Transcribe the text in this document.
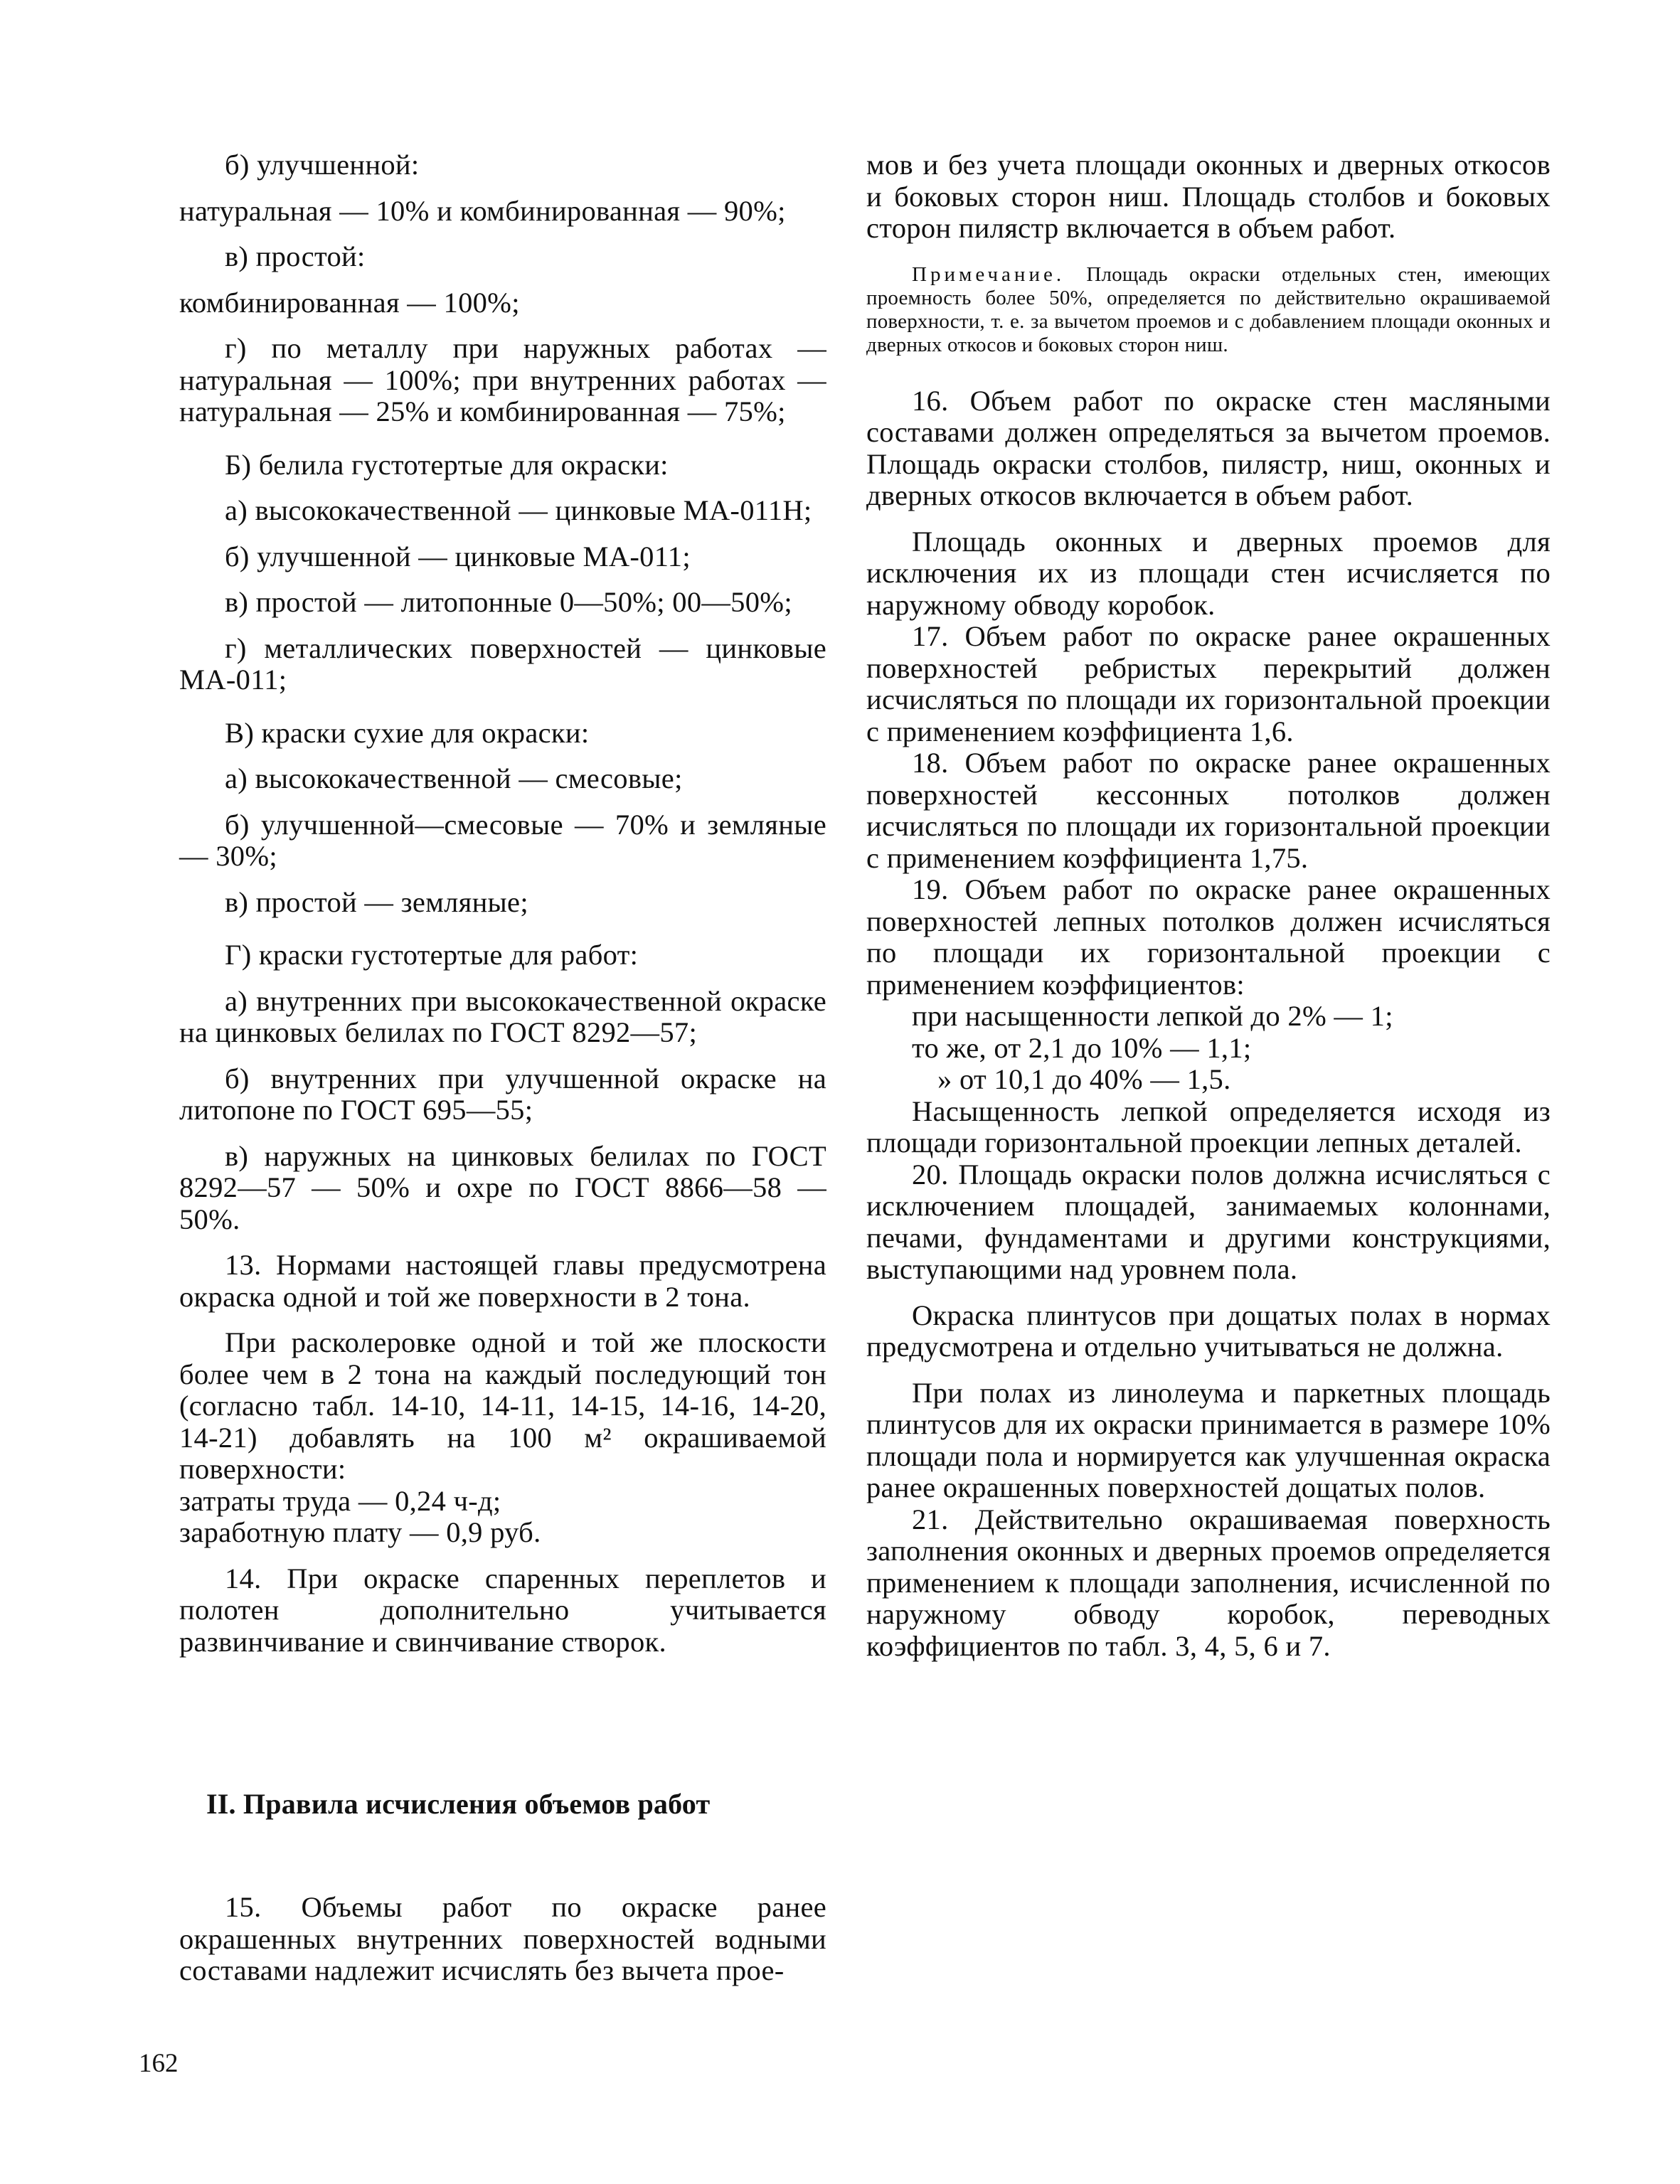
б) улучшенной:

натуральная — 10% и комбинированная — 90%;

в) простой:

комбинированная — 100%;

г) по металлу при наружных работах — натуральная — 100%; при внутренних работах — натуральная — 25% и комбинированная — 75%;

Б) белила густотертые для окраски:

а) высококачественной — цинковые МА-011Н;

б) улучшенной — цинковые МА-011;

в) простой — литопонные 0—50%; 00—50%;

г) металлических поверхностей — цинковые МА-011;

В) краски сухие для окраски:

а) высококачественной — смесовые;

б) улучшенной—смесовые — 70% и земляные — 30%;

в) простой — земляные;

Г) краски густотертые для работ:

а) внутренних при высококачественной окраске на цинковых белилах по ГОСТ 8292—57;

б) внутренних при улучшенной окраске на литопоне по ГОСТ 695—55;

в) наружных на цинковых белилах по ГОСТ 8292—57 — 50% и охре по ГОСТ 8866—58 — 50%.

13. Нормами настоящей главы предусмотрена окраска одной и той же поверхности в 2 тона.

При расколеровке одной и той же плоскости более чем в 2 тона на каждый последующий тон (согласно табл. 14-10, 14-11, 14-15, 14-16, 14-20, 14-21) добавлять на 100 м² окрашиваемой поверхности:

затраты труда — 0,24 ч-д;

заработную плату — 0,9 руб.

14. При окраске спаренных переплетов и полотен дополнительно учитывается развинчивание и свинчивание створок.

II. Правила исчисления объемов работ

15. Объемы работ по окраске ранее окрашенных внутренних поверхностей водными составами надлежит исчислять без вычета прое-

мов и без учета площади оконных и дверных откосов и боковых сторон ниш. Площадь столбов и боковых сторон пилястр включается в объем работ.

Примечание. Площадь окраски отдельных стен, имеющих проемность более 50%, определяется по действительно окрашиваемой поверхности, т. е. за вычетом проемов и с добавлением площади оконных и дверных откосов и боковых сторон ниш.

16. Объем работ по окраске стен масляными составами должен определяться за вычетом проемов. Площадь окраски столбов, пилястр, ниш, оконных и дверных откосов включается в объем работ.

Площадь оконных и дверных проемов для исключения их из площади стен исчисляется по наружному обводу коробок.

17. Объем работ по окраске ранее окрашенных поверхностей ребристых перекрытий должен исчисляться по площади их горизонтальной проекции с применением коэффициента 1,6.

18. Объем работ по окраске ранее окрашенных поверхностей кессонных потолков должен исчисляться по площади их горизонтальной проекции с применением коэффициента 1,75.

19. Объем работ по окраске ранее окрашенных поверхностей лепных потолков должен исчисляться по площади их горизонтальной проекции с применением коэффициентов:

при насыщенности лепкой до 2% — 1;

то же, от 2,1 до 10% — 1,1;

» от 10,1 до 40% — 1,5.

Насыщенность лепкой определяется исходя из площади горизонтальной проекции лепных деталей.

20. Площадь окраски полов должна исчисляться с исключением площадей, занимаемых колоннами, печами, фундаментами и другими конструкциями, выступающими над уровнем пола.

Окраска плинтусов при дощатых полах в нормах предусмотрена и отдельно учитываться не должна.

При полах из линолеума и паркетных площадь плинтусов для их окраски принимается в размере 10% площади пола и нормируется как улучшенная окраска ранее окрашенных поверхностей дощатых полов.

21. Действительно окрашиваемая поверхность заполнения оконных и дверных проемов определяется применением к площади заполнения, исчисленной по наружному обводу коробок, переводных коэффициентов по табл. 3, 4, 5, 6 и 7.

162
